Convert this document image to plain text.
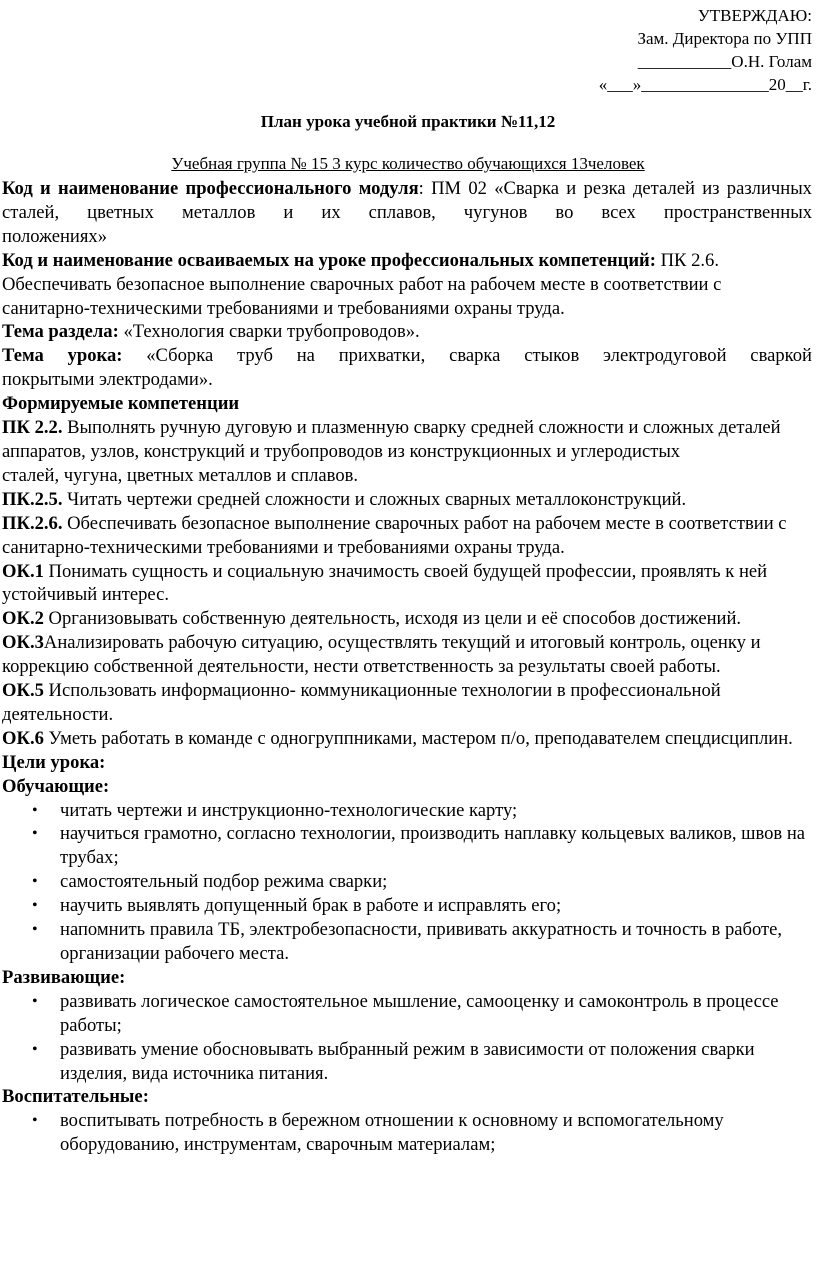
УТВЕРЖДАЮ:
Зам. Директора по УПП
___________О.Н. Голам
«___»_______________20__г.
План урока учебной практики №11,12
Учебная группа № 15 3 курс количество обучающихся 13человек

Код и наименование профессионального модуля: ПМ 02 «Сварка и резка деталей из различных сталей, цветных металлов и их сплавов, чугунов во всех пространственных

положениях»

Код и наименование осваиваемых на уроке профессиональных компетенций: ПК 2.6. Обеспечивать безопасное выполнение сварочных работ на рабочем месте в соответствии с санитарно-техническими требованиями и требованиями охраны труда.

Тема раздела: «Технология сварки трубопроводов».

Тема урока: «Сборка труб на прихватки, сварка стыков электродуговой сваркой

покрытыми электродами».

Формируемые компетенции

ПК 2.2. Выполнять ручную дуговую и плазменную сварку средней сложности и сложных деталей аппаратов, узлов, конструкций и трубопроводов из конструкционных и углеродистых

сталей, чугуна, цветных металлов и сплавов.

ПК.2.5. Читать чертежи средней сложности и сложных сварных металлоконструкций.

ПК.2.6. Обеспечивать безопасное выполнение сварочных работ на рабочем месте в соответствии с санитарно-техническими требованиями и требованиями охраны труда.

ОК.1 Понимать сущность и социальную значимость своей будущей профессии, проявлять к ней устойчивый интерес.

ОК.2 Организовывать собственную деятельность, исходя из цели и её способов достижений.

ОК.3Анализировать рабочую ситуацию, осуществлять текущий и итоговый контроль, оценку и коррекцию собственной деятельности, нести ответственность за результаты своей работы.

ОК.5 Использовать информационно- коммуникационные технологии в профессиональной деятельности.

ОК.6 Уметь работать в команде с одногруппниками, мастером п/о, преподавателем спецдисциплин.

Цели урока:

Обучающие:

• читать чертежи и инструкционно-технологические карту;
• научиться грамотно, согласно технологии, производить наплавку кольцевых валиков, швов на трубах;
• самостоятельный подбор режима сварки;
• научить выявлять допущенный брак в работе и исправлять его;
• напомнить правила ТБ, электробезопасности, прививать аккуратность и точность в работе, организации рабочего места.

Развивающие:

• развивать логическое самостоятельное мышление, самооценку и самоконтроль в процессе работы;
• развивать умение обосновывать выбранный режим в зависимости от положения сварки изделия, вида источника питания.

Воспитательные:

• воспитывать потребность в бережном отношении к основному и вспомогательному оборудованию, инструментам, сварочным материалам;
